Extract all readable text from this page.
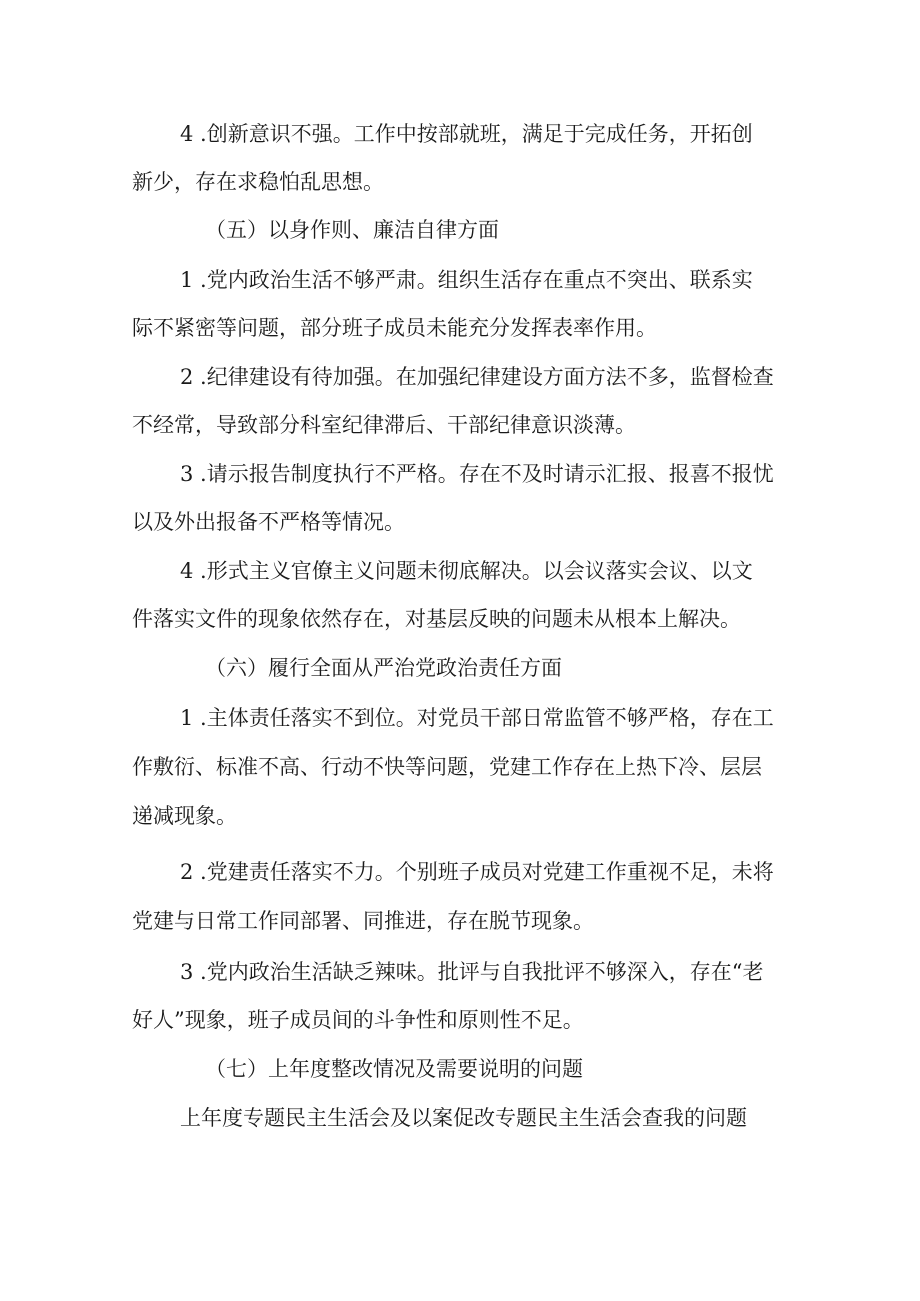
4 .创新意识不强。工作中按部就班，满足于完成任务，开拓创
新少，存在求稳怕乱思想。
（五）以身作则、廉洁自律方面
1 .党内政治生活不够严肃。组织生活存在重点不突出、联系实
际不紧密等问题，部分班子成员未能充分发挥表率作用。
2 .纪律建设有待加强。在加强纪律建设方面方法不多，监督检查
不经常，导致部分科室纪律滞后、干部纪律意识淡薄。
3 .请示报告制度执行不严格。存在不及时请示汇报、报喜不报忧
以及外出报备不严格等情况。
4 .形式主义官僚主义问题未彻底解决。以会议落实会议、以文
件落实文件的现象依然存在，对基层反映的问题未从根本上解决。
（六）履行全面从严治党政治责任方面
1 .主体责任落实不到位。对党员干部日常监管不够严格，存在工
作敷衍、标准不高、行动不快等问题，党建工作存在上热下冷、层层
递减现象。
2 .党建责任落实不力。个别班子成员对党建工作重视不足，未将
党建与日常工作同部署、同推进，存在脱节现象。
3 .党内政治生活缺乏辣味。批评与自我批评不够深入，存在“老
好人”现象，班子成员间的斗争性和原则性不足。
（七）上年度整改情况及需要说明的问题
上年度专题民主生活会及以案促改专题民主生活会查我的问题
